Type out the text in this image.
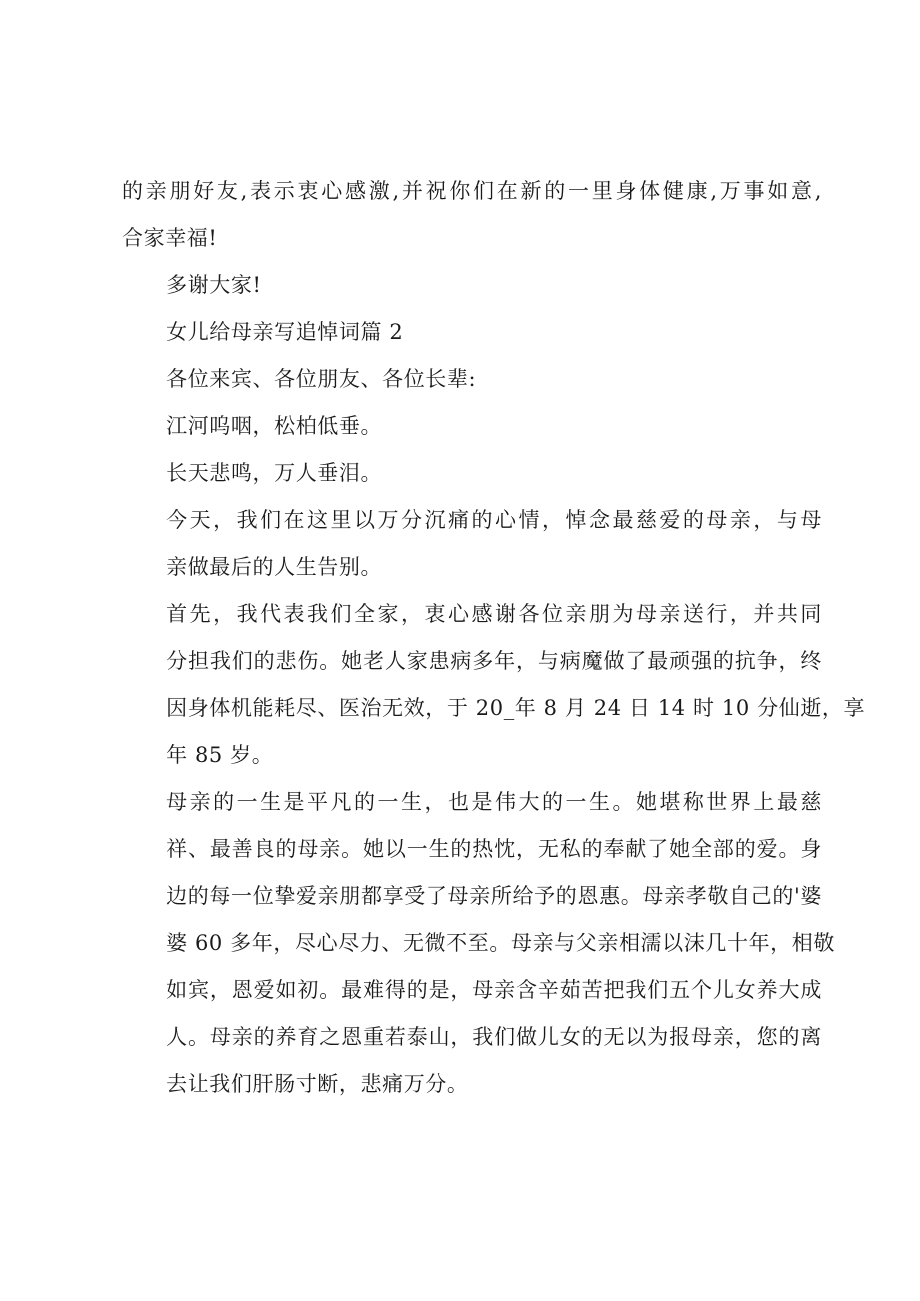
的亲朋好友,表示衷心感激,并祝你们在新的一里身体健康,万事如意,
合家幸福!

多谢大家!

女儿给母亲写追悼词篇 2

各位来宾、各位朋友、各位长辈:

江河呜咽，松柏低垂。

长天悲鸣，万人垂泪。

今天，我们在这里以万分沉痛的心情，悼念最慈爱的母亲，与母
亲做最后的人生告别。

首先，我代表我们全家，衷心感谢各位亲朋为母亲送行，并共同
分担我们的悲伤。她老人家患病多年，与病魔做了最顽强的抗争，终
因身体机能耗尽、医治无效，于 20_年 8 月 24 日 14 时 10 分仙逝，享
年 85 岁。

母亲的一生是平凡的一生，也是伟大的一生。她堪称世界上最慈
祥、最善良的母亲。她以一生的热忱，无私的奉献了她全部的爱。身
边的每一位挚爱亲朋都享受了母亲所给予的恩惠。母亲孝敬自己的'婆
婆 60 多年，尽心尽力、无微不至。母亲与父亲相濡以沫几十年，相敬
如宾，恩爱如初。最难得的是，母亲含辛茹苦把我们五个儿女养大成
人。母亲的养育之恩重若泰山，我们做儿女的无以为报母亲，您的离
去让我们肝肠寸断，悲痛万分。
